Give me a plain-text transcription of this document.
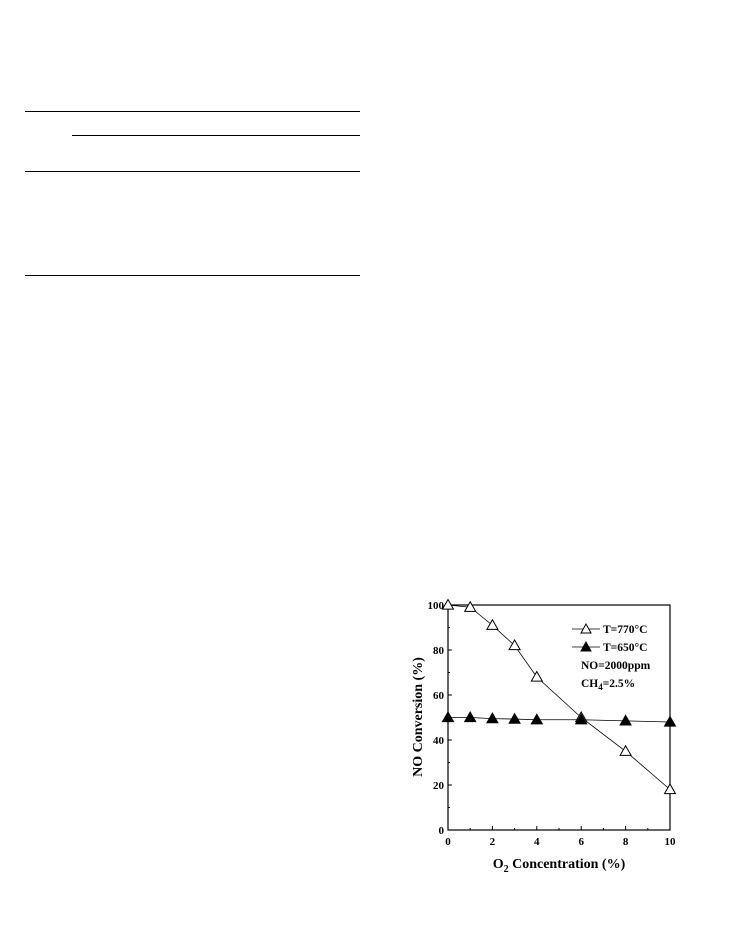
0	2	4	6	8	10
0
20
40
60
80
100
NO Conversion (%)
$O_2$ Concentration (%)
T=770°C
T=650°C
NO=2000ppm
$CH_4=2.5\%$
